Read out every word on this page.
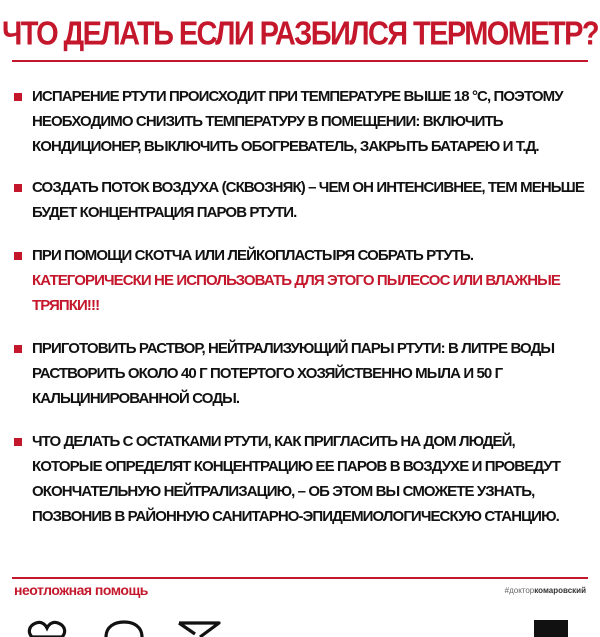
ЧТО ДЕЛАТЬ ЕСЛИ РАЗБИЛСЯ ТЕРМОМЕТР?
ИСПАРЕНИЕ РТУТИ ПРОИСХОДИТ ПРИ ТЕМПЕРАТУРЕ ВЫШЕ 18 °С, ПОЭТОМУ НЕОБХОДИМО СНИЗИТЬ ТЕМПЕРАТУРУ В ПОМЕЩЕНИИ: ВКЛЮЧИТЬ КОНДИЦИОНЕР, ВЫКЛЮЧИТЬ ОБОГРЕВАТЕЛЬ, ЗАКРЫТЬ БАТАРЕЮ И Т.Д.
СОЗДАТЬ ПОТОК ВОЗДУХА (СКВОЗНЯК) – ЧЕМ ОН ИНТЕНСИВНЕЕ, ТЕМ МЕНЬШЕ БУДЕТ КОНЦЕНТРАЦИЯ ПАРОВ РТУТИ.
ПРИ ПОМОЩИ СКОТЧА ИЛИ ЛЕЙКОПЛАСТЫРЯ СОБРАТЬ РТУТЬ. КАТЕГОРИЧЕСКИ НЕ ИСПОЛЬЗОВАТЬ ДЛЯ ЭТОГО ПЫЛЕСОС ИЛИ ВЛАЖНЫЕ ТРЯПКИ!!!
ПРИГОТОВИТЬ РАСТВОР, НЕЙТРАЛИЗУЮЩИЙ ПАРЫ РТУТИ: В ЛИТРЕ ВОДЫ РАСТВОРИТЬ ОКОЛО 40 Г ПОТЕРТОГО ХОЗЯЙСТВЕННО МЫЛА И 50 Г КАЛЬЦИНИРОВАННОЙ СОДЫ.
ЧТО ДЕЛАТЬ С ОСТАТКАМИ РТУТИ, КАК ПРИГЛАСИТЬ НА ДОМ ЛЮДЕЙ, КОТОРЫЕ ОПРЕДЕЛЯТ КОНЦЕНТРАЦИЮ ЕЕ ПАРОВ В ВОЗДУХЕ И ПРОВЕДУТ ОКОНЧАТЕЛЬНУЮ НЕЙТРАЛИЗАЦИЮ, – ОБ ЭТОМ ВЫ СМОЖЕТЕ УЗНАТЬ, ПОЗВОНИВ В РАЙОННУЮ САНИТАРНО-ЭПИДЕМИОЛОГИЧЕСКУЮ СТАНЦИЮ.
неотложная помощь	#докторкомаровский
